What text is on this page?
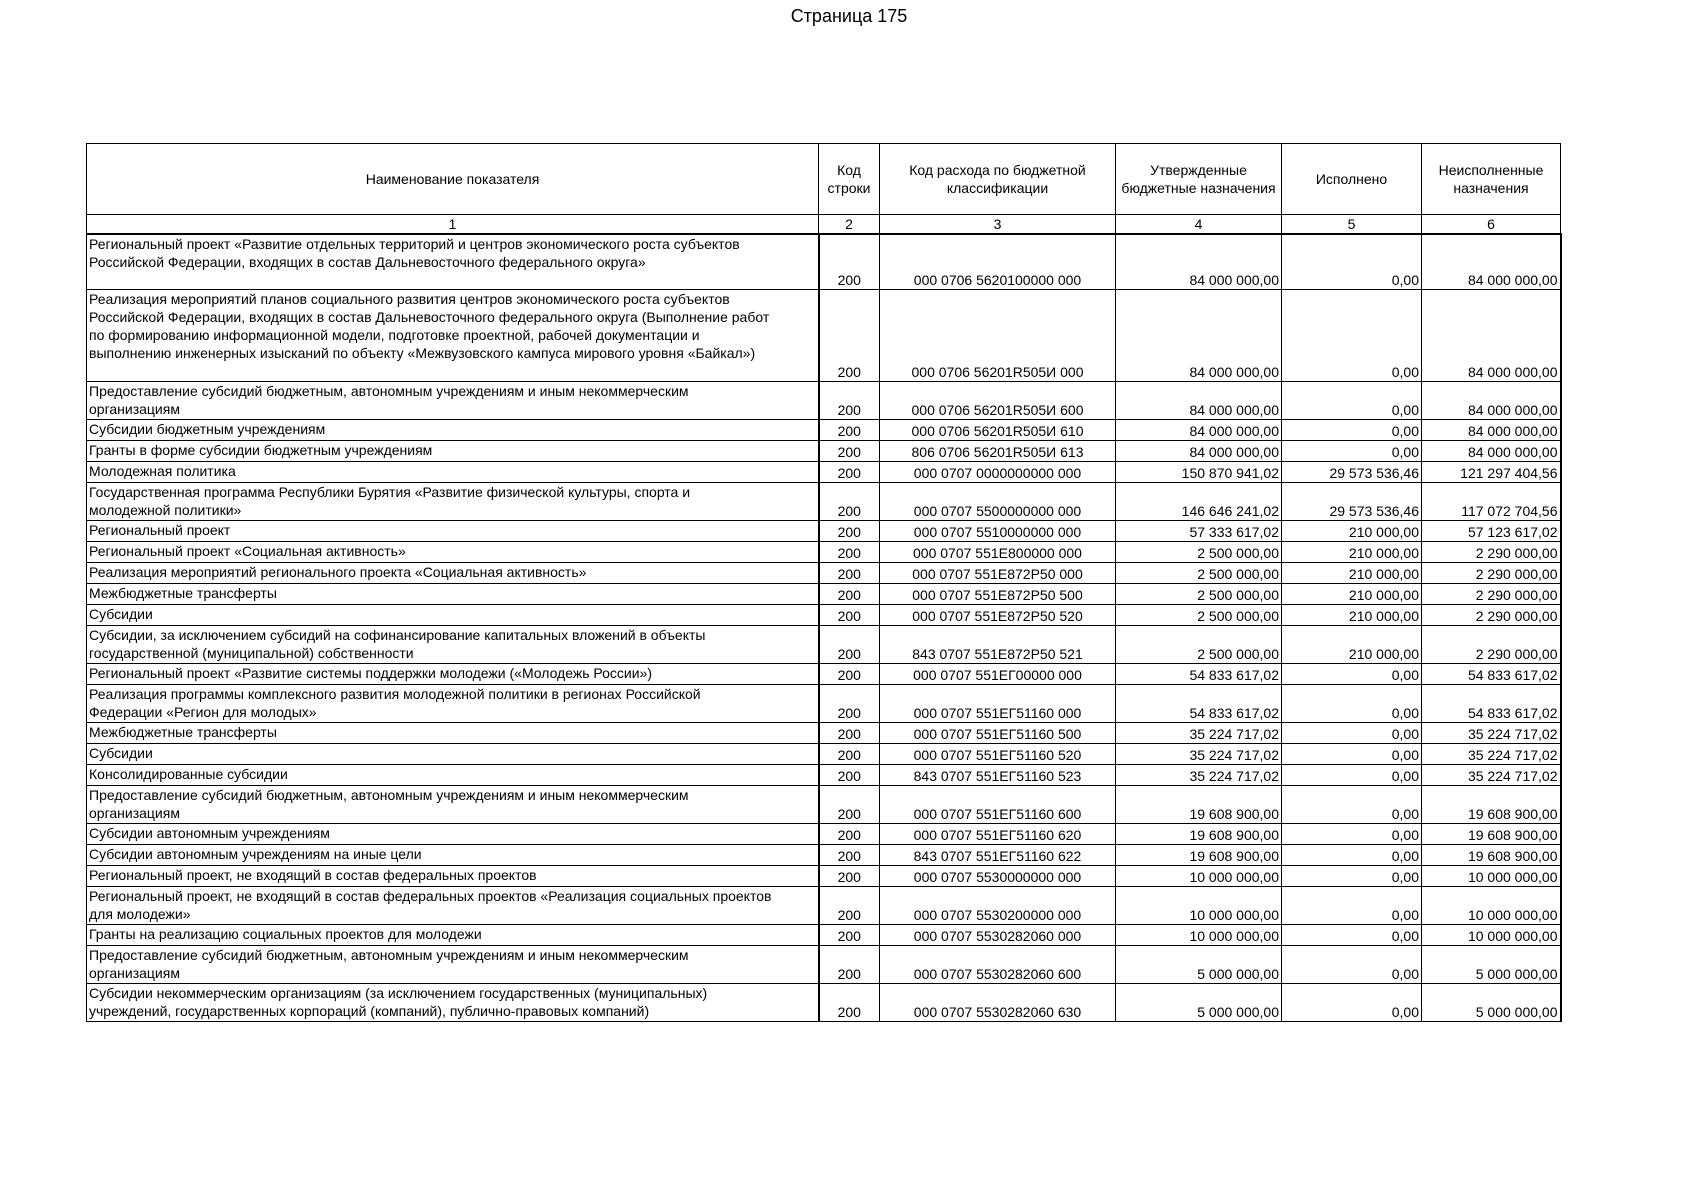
Страница 175
Наименование показателя	Код строки	Код расхода по бюджетной классификации	Утвержденные бюджетные назначения	Исполнено	Неисполненные назначения
1	2	3	4	5	6
Региональный проект «Развитие отдельных территорий и центров экономического роста субъектов
Российской Федерации, входящих в состав Дальневосточного федерального округа»	200	000 0706 5620100000 000	84 000 000,00	0,00	84 000 000,00
Реализация мероприятий планов социального развития центров экономического роста субъектов
Российской Федерации, входящих в состав Дальневосточного федерального округа (Выполнение работ
по формированию информационной модели, подготовке проектной, рабочей документации и
выполнению инженерных изысканий по объекту «Межвузовского кампуса мирового уровня «Байкал»)	200	000 0706 56201R505И 000	84 000 000,00	0,00	84 000 000,00
Предоставление субсидий бюджетным, автономным учреждениям и иным некоммерческим
организациям	200	000 0706 56201R505И 600	84 000 000,00	0,00	84 000 000,00
Субсидии бюджетным учреждениям	200	000 0706 56201R505И 610	84 000 000,00	0,00	84 000 000,00
Гранты в форме субсидии бюджетным учреждениям	200	806 0706 56201R505И 613	84 000 000,00	0,00	84 000 000,00
Молодежная политика	200	000 0707 0000000000 000	150 870 941,02	29 573 536,46	121 297 404,56
Государственная программа Республики Бурятия «Развитие физической культуры, спорта и
молодежной политики»	200	000 0707 5500000000 000	146 646 241,02	29 573 536,46	117 072 704,56
Региональный проект	200	000 0707 5510000000 000	57 333 617,02	210 000,00	57 123 617,02
Региональный проект «Социальная активность»	200	000 0707 551E800000 000	2 500 000,00	210 000,00	2 290 000,00
Реализация мероприятий регионального проекта «Социальная активность»	200	000 0707 551E872P50 000	2 500 000,00	210 000,00	2 290 000,00
Межбюджетные трансферты	200	000 0707 551E872P50 500	2 500 000,00	210 000,00	2 290 000,00
Субсидии	200	000 0707 551E872P50 520	2 500 000,00	210 000,00	2 290 000,00
Субсидии, за исключением субсидий на софинансирование капитальных вложений в объекты
государственной (муниципальной) собственности	200	843 0707 551E872P50 521	2 500 000,00	210 000,00	2 290 000,00
Региональный проект «Развитие системы поддержки молодежи («Молодежь России»)	200	000 0707 551ЕГ00000 000	54 833 617,02	0,00	54 833 617,02
Реализация программы комплексного развития молодежной политики в регионах Российской
Федерации «Регион для молодых»	200	000 0707 551ЕГ51160 000	54 833 617,02	0,00	54 833 617,02
Межбюджетные трансферты	200	000 0707 551ЕГ51160 500	35 224 717,02	0,00	35 224 717,02
Субсидии	200	000 0707 551ЕГ51160 520	35 224 717,02	0,00	35 224 717,02
Консолидированные субсидии	200	843 0707 551ЕГ51160 523	35 224 717,02	0,00	35 224 717,02
Предоставление субсидий бюджетным, автономным учреждениям и иным некоммерческим
организациям	200	000 0707 551ЕГ51160 600	19 608 900,00	0,00	19 608 900,00
Субсидии автономным учреждениям	200	000 0707 551ЕГ51160 620	19 608 900,00	0,00	19 608 900,00
Субсидии автономным учреждениям на иные цели	200	843 0707 551ЕГ51160 622	19 608 900,00	0,00	19 608 900,00
Региональный проект, не входящий в состав федеральных проектов	200	000 0707 5530000000 000	10 000 000,00	0,00	10 000 000,00
Региональный проект, не входящий в состав федеральных проектов «Реализация социальных проектов
для молодежи»	200	000 0707 5530200000 000	10 000 000,00	0,00	10 000 000,00
Гранты на реализацию социальных проектов для молодежи	200	000 0707 5530282060 000	10 000 000,00	0,00	10 000 000,00
Предоставление субсидий бюджетным, автономным учреждениям и иным некоммерческим
организациям	200	000 0707 5530282060 600	5 000 000,00	0,00	5 000 000,00
Субсидии некоммерческим организациям (за исключением государственных (муниципальных)
учреждений, государственных корпораций (компаний), публично-правовых компаний)	200	000 0707 5530282060 630	5 000 000,00	0,00	5 000 000,00
